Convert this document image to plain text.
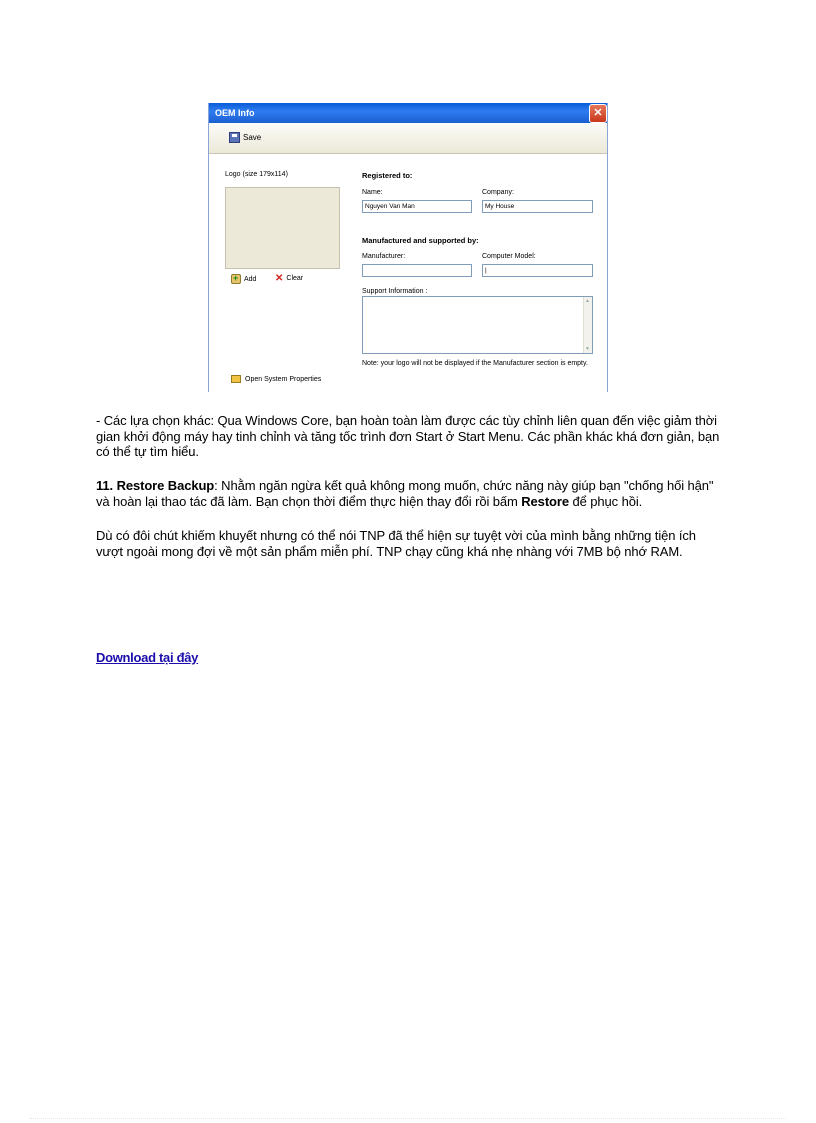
OEM Info	✕
Save
Logo (size 179x114)
+
Add ✕ Clear
Open System Properties
Registered to:
Name:
Nguyen Van Man
Company:
My House
Manufactured and supported by:
Manufacturer:	Computer Model:
|
Support Information :
▲
▼
Note: your logo will not be displayed if the Manufacturer section is empty.
- Các lựa chọn khác: Qua Windows Core, bạn hoàn toàn làm được các tùy chỉnh liên quan đến việc giảm thời gian khởi động máy hay tinh chỉnh và tăng tốc trình đơn Start ở Start Menu. Các phần khác khá đơn giản, bạn có thể tự tìm hiểu.
11. Restore Backup: Nhằm ngăn ngừa kết quả không mong muốn, chức năng này giúp bạn "chống hối hận" và hoàn lại thao tác đã làm. Bạn chọn thời điểm thực hiện thay đổi rồi bấm Restore để phục hồi.
Dù có đôi chút khiếm khuyết nhưng có thể nói TNP đã thể hiện sự tuyệt vời của mình bằng những tiện ích vượt ngoài mong đợi về một sản phẩm miễn phí. TNP chạy cũng khá nhẹ nhàng với 7MB bộ nhớ RAM.
Download tại đây
